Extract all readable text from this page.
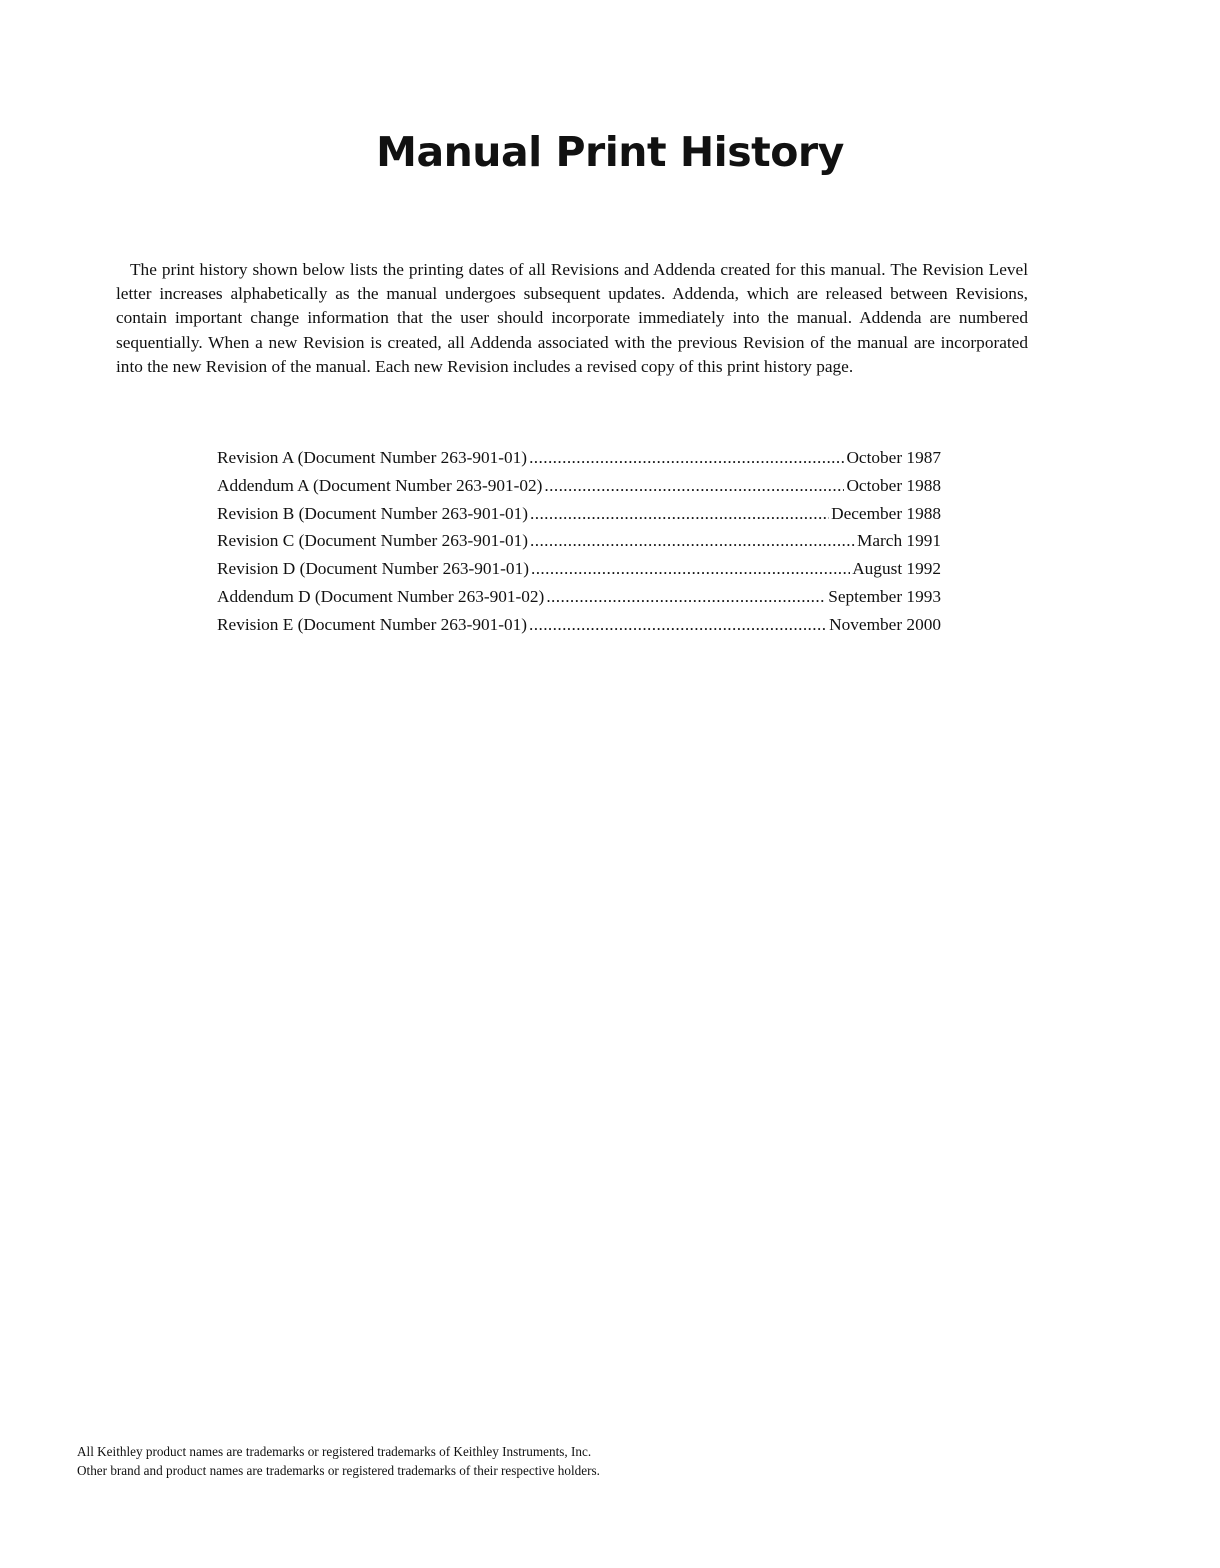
Manual Print History

The print history shown below lists the printing dates of all Revisions and Addenda created for this manual. The Revision Level letter increases alphabetically as the manual undergoes subsequent updates. Addenda, which are released between Revisions, contain important change information that the user should incorporate immediately into the manual. Addenda are numbered sequentially. When a new Revision is created, all Addenda associated with the previous Revision of the manual are incorporated into the new Revision of the manual. Each new Revision includes a revised copy of this print history page.

Revision A (Document Number 263-901-01) .....	October 1987
Addendum A (Document Number 263-901-02) .....	October 1988
Revision B (Document Number 263-901-01) .....	December 1988
Revision C (Document Number 263-901-01) .....	March 1991
Revision D (Document Number 263-901-01) .....	August 1992
Addendum D (Document Number 263-901-02) .....	September 1993
Revision E (Document Number 263-901-01) .....	November 2000
All Keithley product names are trademarks or registered trademarks of Keithley Instruments, Inc.
Other brand and product names are trademarks or registered trademarks of their respective holders.
